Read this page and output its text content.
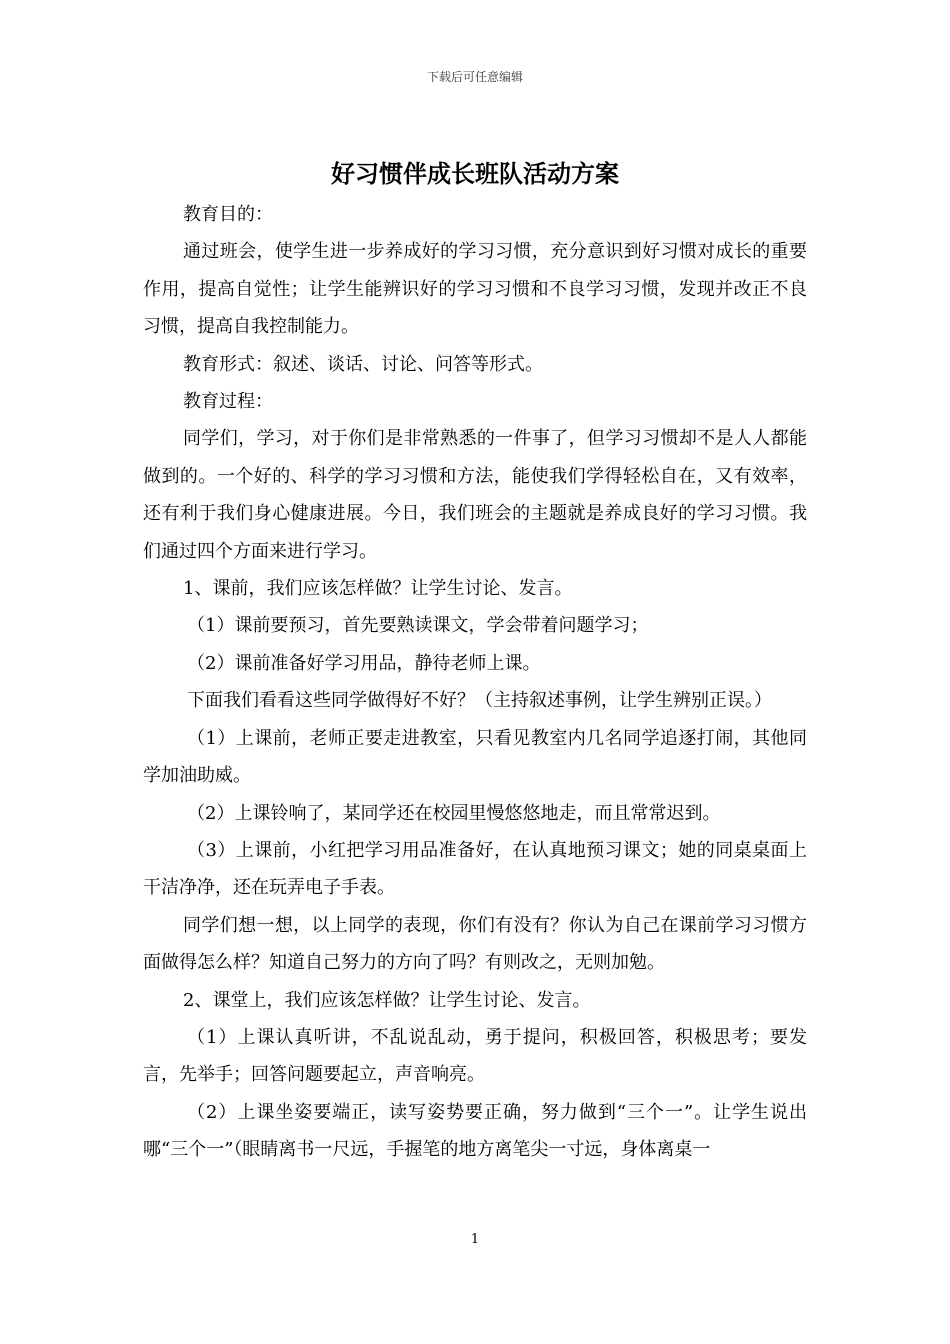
下载后可任意编辑
好习惯伴成长班队活动方案

教育目的：

通过班会，使学生进一步养成好的学习习惯，充分意识到好习惯对成长的重要作用，提高自觉性；让学生能辨识好的学习习惯和不良学习习惯，发现并改正不良习惯，提高自我控制能力。

教育形式：叙述、谈话、讨论、问答等形式。

教育过程：

同学们，学习，对于你们是非常熟悉的一件事了，但学习习惯却不是人人都能做到的。一个好的、科学的学习习惯和方法，能使我们学得轻松自在，又有效率，还有利于我们身心健康进展。今日，我们班会的主题就是养成良好的学习习惯。我们通过四个方面来进行学习。

1、课前，我们应该怎样做？让学生讨论、发言。

（1）课前要预习，首先要熟读课文，学会带着问题学习；

（2）课前准备好学习用品，静待老师上课。

下面我们看看这些同学做得好不好？（主持叙述事例，让学生辨别正误。）

（1）上课前，老师正要走进教室，只看见教室内几名同学追逐打闹，其他同学加油助威。

（2）上课铃响了，某同学还在校园里慢悠悠地走，而且常常迟到。

（3）上课前，小红把学习用品准备好，在认真地预习课文；她的同桌桌面上干洁净净，还在玩弄电子手表。

同学们想一想，以上同学的表现，你们有没有？你认为自己在课前学习习惯方面做得怎么样？知道自己努力的方向了吗？有则改之，无则加勉。

2、课堂上，我们应该怎样做？让学生讨论、发言。

（1）上课认真听讲，不乱说乱动，勇于提问，积极回答，积极思考；要发言，先举手；回答问题要起立，声音响亮。

（2）上课坐姿要端正，读写姿势要正确，努力做到“三个一”。让学生说出哪“三个一”（眼睛离书一尺远，手握笔的地方离笔尖一寸远，身体离桌一

1
